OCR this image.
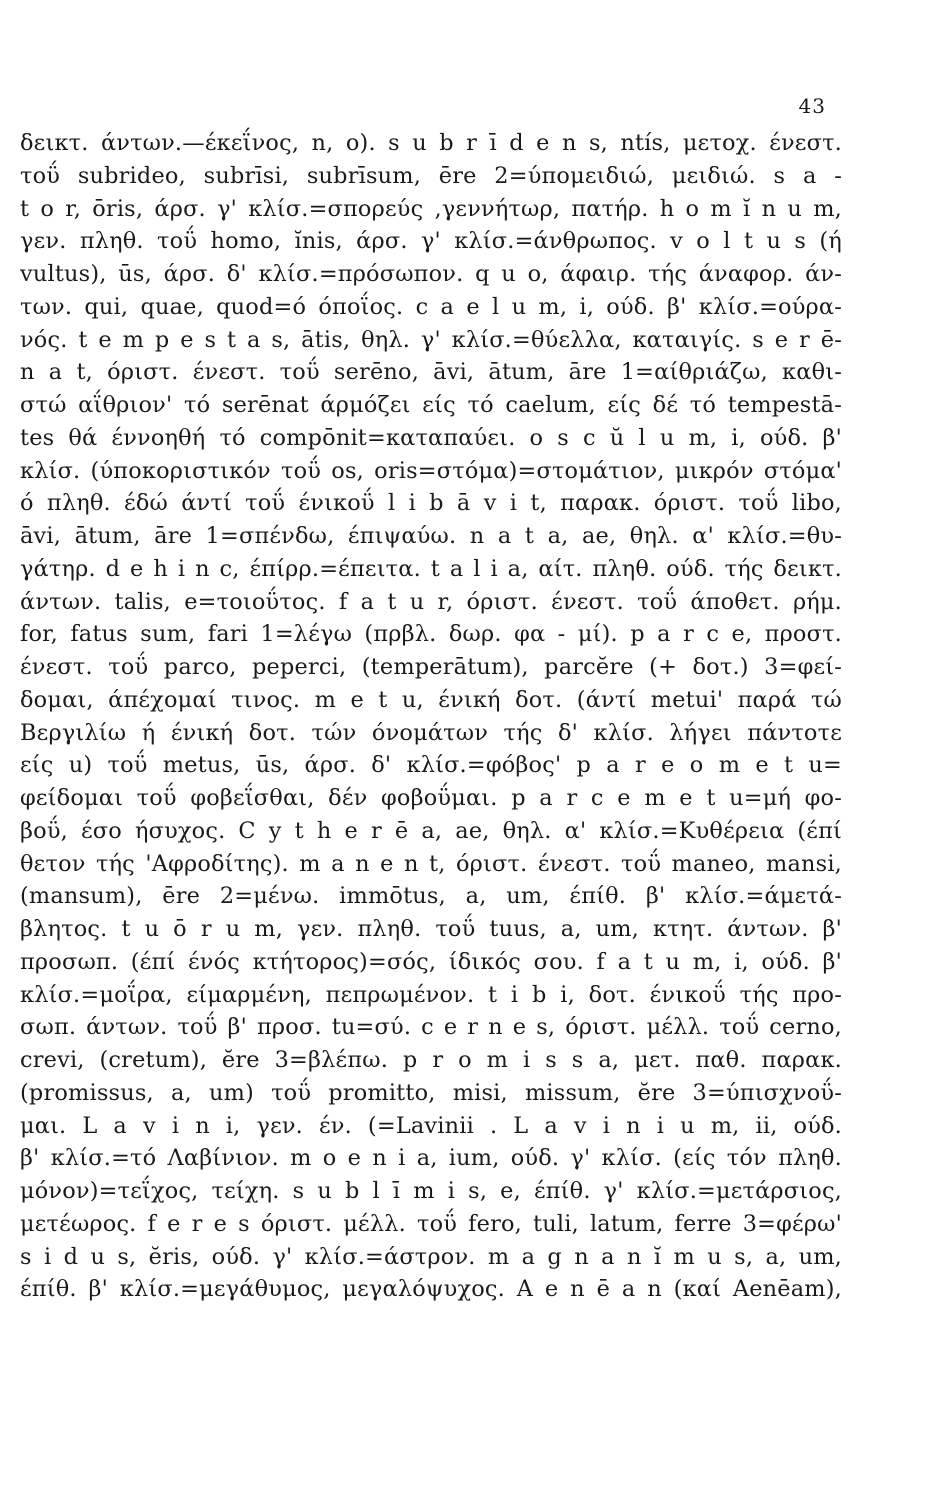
43
δεικτ. άντων.—έκεΐνος, n, o). s u b r ī d e n s, ntís, μετοχ. ένεστ.
τοΰ subrideo, subrīsi, subrīsum, ēre 2=ύπομειδιώ, μειδιώ. s a -
t o r, ōris, άρσ. γ' κλίσ.=σπορεύς ,γεννήτωρ, πατήρ. h o m ĭ n u m,
γεν. πληθ. τοΰ homo, ĭnis, άρσ. γ' κλίσ.=άνθρωπος. v o l t u s (ή
vultus), ūs, άρσ. δ' κλίσ.=πρόσωπον. q u o, άφαιρ. τής άναφορ. άν-
των. qui, quae, quod=ό όποΐος. c a e l u m, i, ούδ. β' κλίσ.=ούρα-
νός. t e m p e s t a s, ātis, θηλ. γ' κλίσ.=θύελλα, καταιγίς. s e r ē-
n a t, όριστ. ένεστ. τοΰ serēno, āvi, ātum, āre 1=αίθριάζω, καθι-
στώ αΐθριον' τό serēnat άρμόζει είς τό caelum, είς δέ τό tempestā-
tes θά έννοηθή τό compōnit=καταπαύει. o s c ŭ l u m, i, ούδ. β'
κλίσ. (ύποκοριστικόν τοΰ os, oris=στόμα)=στομάτιον, μικρόν στόμα'
ό πληθ. έδώ άντί τοΰ ένικοΰ l i b ā v i t, παρακ. όριστ. τοΰ libo,
āvi, ātum, āre 1=σπένδω, έπιψαύω. n a t a, ae, θηλ. α' κλίσ.=θυ-
γάτηρ. d e h i n c, έπίρρ.=έπειτα. t a l i a, αίτ. πληθ. ούδ. τής δεικτ.
άντων. talis, e=τοιοΰτος. f a t u r, όριστ. ένεστ. τοΰ άποθετ. ρήμ.
for, fatus sum, fari 1=λέγω (πρβλ. δωρ. φα - μί). p a r c e, προστ.
ένεστ. τοΰ parco, peperci, (temperātum), parcĕre (+ δοτ.) 3=φεί-
δομαι, άπέχομαί τινος. m e t u, ένική δοτ. (άντί metui' παρά τώ
Βεργιλίω ή ένική δοτ. τών όνομάτων τής δ' κλίσ. λήγει πάντοτε
είς u) τοΰ metus, ūs, άρσ. δ' κλίσ.=φόβος' p a r e o m e t u=
φείδομαι τοΰ φοβεΐσθαι, δέν φοβοΰμαι. p a r c e m e t u=μή φο-
βοΰ, έσο ήσυχος. C y t h e r ē a, ae, θηλ. α' κλίσ.=Κυθέρεια (έπί
θετον τής 'Αφροδίτης). m a n e n t, όριστ. ένεστ. τοΰ maneo, mansi,
(mansum), ēre 2=μένω. immōtus, a, um, έπίθ. β' κλίσ.=άμετά-
βλητος. t u ō r u m, γεν. πληθ. τοΰ tuus, a, um, κτητ. άντων. β'
προσωπ. (έπί ένός κτήτορος)=σός, ίδικός σου. f a t u m, i, ούδ. β'
κλίσ.=μοΐρα, είμαρμένη, πεπρωμένον. t i b i, δοτ. ένικοΰ τής προ-
σωπ. άντων. τοΰ β' προσ. tu=σύ. c e r n e s, όριστ. μέλλ. τοΰ cerno,
crevi, (cretum), ĕre 3=βλέπω. p r o m i s s a, μετ. παθ. παρακ.
(promissus, a, um) τοΰ promitto, misi, missum, ĕre 3=ύπισχνοΰ-
μαι. L a v i n i, γεν. έν. (=Lavinii . L a v i n i u m, ii, ούδ.
β' κλίσ.=τό Λαβίνιον. m o e n i a, ium, ούδ. γ' κλίσ. (είς τόν πληθ.
μόνον)=τεΐχος, τείχη. s u b l ī m i s, e, έπίθ. γ' κλίσ.=μετάρσιος,
μετέωρος. f e r e s όριστ. μέλλ. τοΰ fero, tuli, latum, ferre 3=φέρω'
s i d u s, ĕris, ούδ. γ' κλίσ.=άστρον. m a g n a n ĭ m u s, a, um,
έπίθ. β' κλίσ.=μεγάθυμος, μεγαλόψυχος. A e n ē a n (καί Aenēam),
